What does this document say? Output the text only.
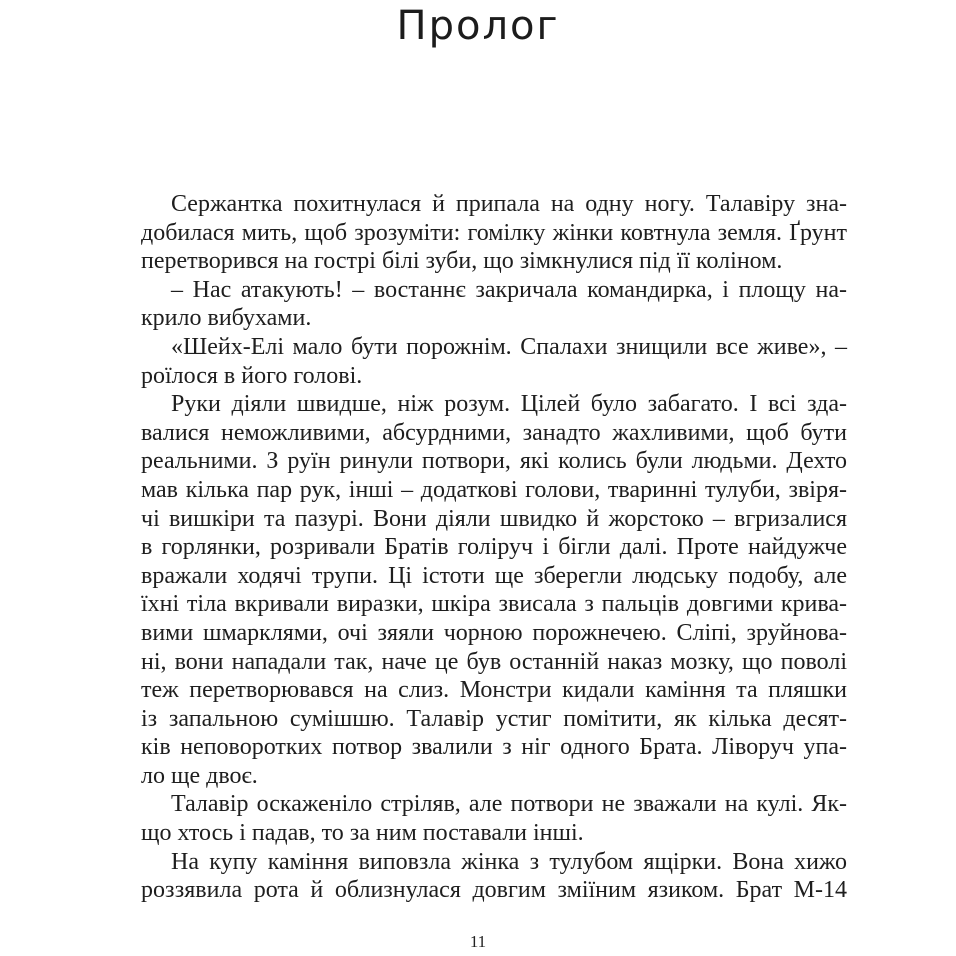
Пролог
Сержантка похитнулася й припала на одну ногу. Талавіру зна-
добилася мить, щоб зрозуміти: гомілку жінки ковтнула земля. Ґрунт
перетворився на гострі білі зуби, що зімкнулися під її коліном.
– Нас атакують! – востаннє закричала командирка, і площу на-
крило вибухами.
«Шейх-Елі мало бути порожнім. Спалахи знищили все живе», –
роїлося в його голові.
Руки діяли швидше, ніж розум. Цілей було забагато. І всі зда-
валися неможливими, абсурдними, занадто жахливими, щоб бути
реальними. З руїн ринули потвори, які колись були людьми. Дехто
мав кілька пар рук, інші – додаткові голови, тваринні тулуби, звіря-
чі вишкіри та пазурі. Вони діяли швидко й жорстоко – вгризалися
в горлянки, розривали Братів голіруч і бігли далі. Проте найдужче
вражали ходячі трупи. Ці істоти ще зберегли людську подобу, але
їхні тіла вкривали виразки, шкіра звисала з пальців довгими крива-
вими шмарклями, очі зяяли чорною порожнечею. Сліпі, зруйнова-
ні, вони нападали так, наче це був останній наказ мозку, що поволі
теж перетворювався на слиз. Монстри кидали каміння та пляшки
із запальною сумішшю. Талавір устиг помітити, як кілька десят-
ків неповоротких потвор звалили з ніг одного Брата. Ліворуч упа-
ло ще двоє.
Талавір оскаженіло стріляв, але потвори не зважали на кулі. Як-
що хтось і падав, то за ним поставали інші.
На купу каміння виповзла жінка з тулубом ящірки. Вона хижо
роззявила рота й облизнулася довгим зміїним язиком. Брат М-14
11
